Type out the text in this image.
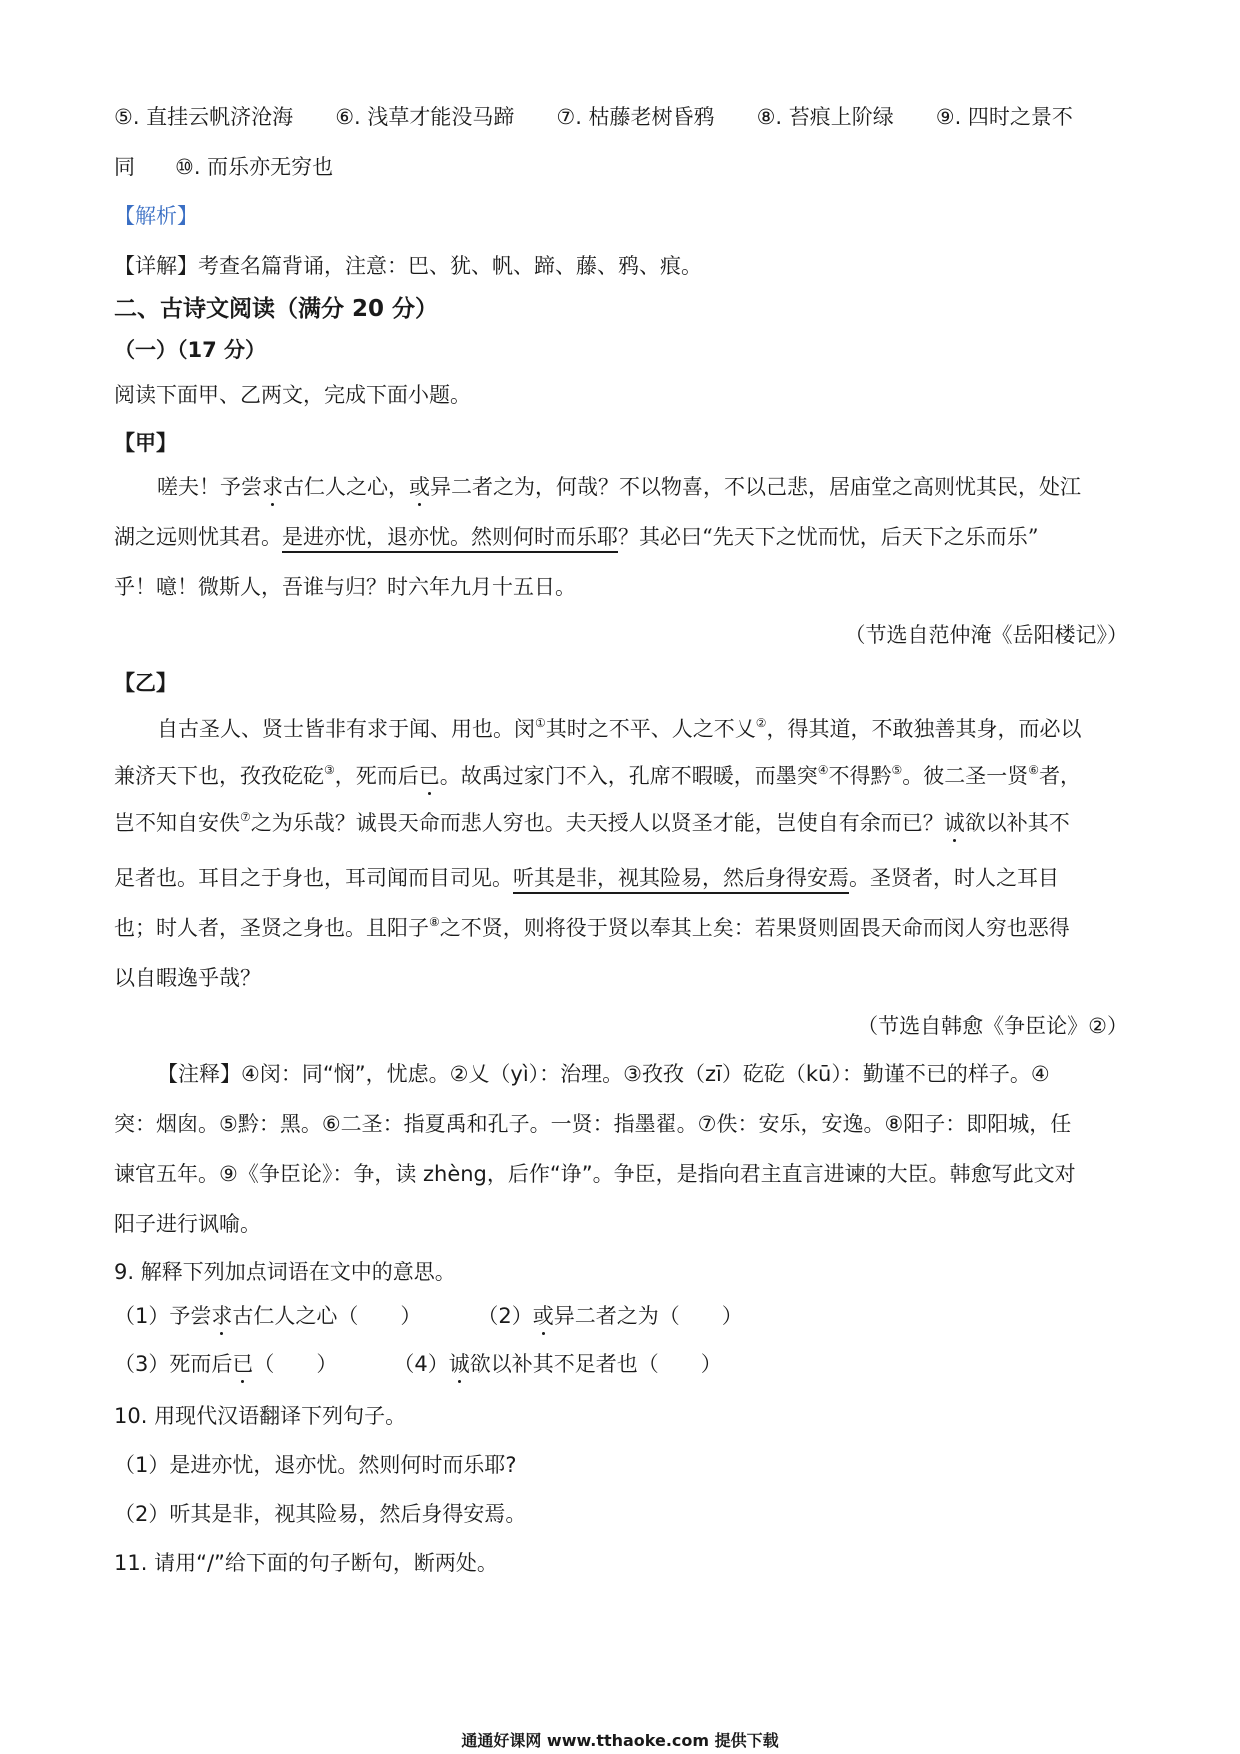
⑤. 直挂云帆济沧海 ⑥. 浅草才能没马蹄 ⑦. 枯藤老树昏鸦 ⑧. 苔痕上阶绿 ⑨. 四时之景不
同 ⑩. 而乐亦无穷也
【解析】
【详解】考查名篇背诵，注意：巴、犹、帆、蹄、藤、鸦、痕。
二、古诗文阅读（满分 20 分）
（一）（17 分）
阅读下面甲、乙两文，完成下面小题。
【甲】
嗟夫！予尝求古仁人之心，或异二者之为，何哉？不以物喜，不以己悲，居庙堂之高则忧其民，处江
湖之远则忧其君。是进亦忧，退亦忧。然则何时而乐耶？其必曰“先天下之忧而忧，后天下之乐而乐”
乎！噫！微斯人，吾谁与归？时六年九月十五日。
（节选自范仲淹《岳阳楼记》）
【乙】
自古圣人、贤士皆非有求于闻、用也。闵①其时之不平、人之不乂②，得其道，不敢独善其身，而必以
兼济天下也，孜孜矻矻③，死而后已。故禹过家门不入，孔席不暇暖，而墨突④不得黔⑤。彼二圣一贤⑥者，
岂不知自安佚⑦之为乐哉？诚畏天命而悲人穷也。夫天授人以贤圣才能，岂使自有余而已？诚欲以补其不
足者也。耳目之于身也，耳司闻而目司见。听其是非，视其险易，然后身得安焉。圣贤者，时人之耳目
也；时人者，圣贤之身也。且阳子⑧之不贤，则将役于贤以奉其上矣：若果贤则固畏天命而闵人穷也恶得
以自暇逸乎哉？
（节选自韩愈《争臣论》②）
【注释】④闵：同“悯”，忧虑。②乂（yì）：治理。③孜孜（zī）矻矻（kū）：勤谨不已的样子。④
突：烟囱。⑤黔：黑。⑥二圣：指夏禹和孔子。一贤：指墨翟。⑦佚：安乐，安逸。⑧阳子：即阳城，任
谏官五年。⑨《争臣论》：争，读 zhèng，后作“诤”。争臣，是指向君主直言进谏的大臣。韩愈写此文对
阳子进行讽喻。
9. 解释下列加点词语在文中的意思。
（1）予尝求古仁人之心（　　）	（2）或异二者之为（　　）
（3）死而后已（　　）	（4）诚欲以补其不足者也（　　）
10. 用现代汉语翻译下列句子。
（1）是进亦忧，退亦忧。然则何时而乐耶?
（2）听其是非，视其险易，然后身得安焉。
11. 请用“/”给下面的句子断句，断两处。
通通好课网 www.tthaoke.com 提供下载
